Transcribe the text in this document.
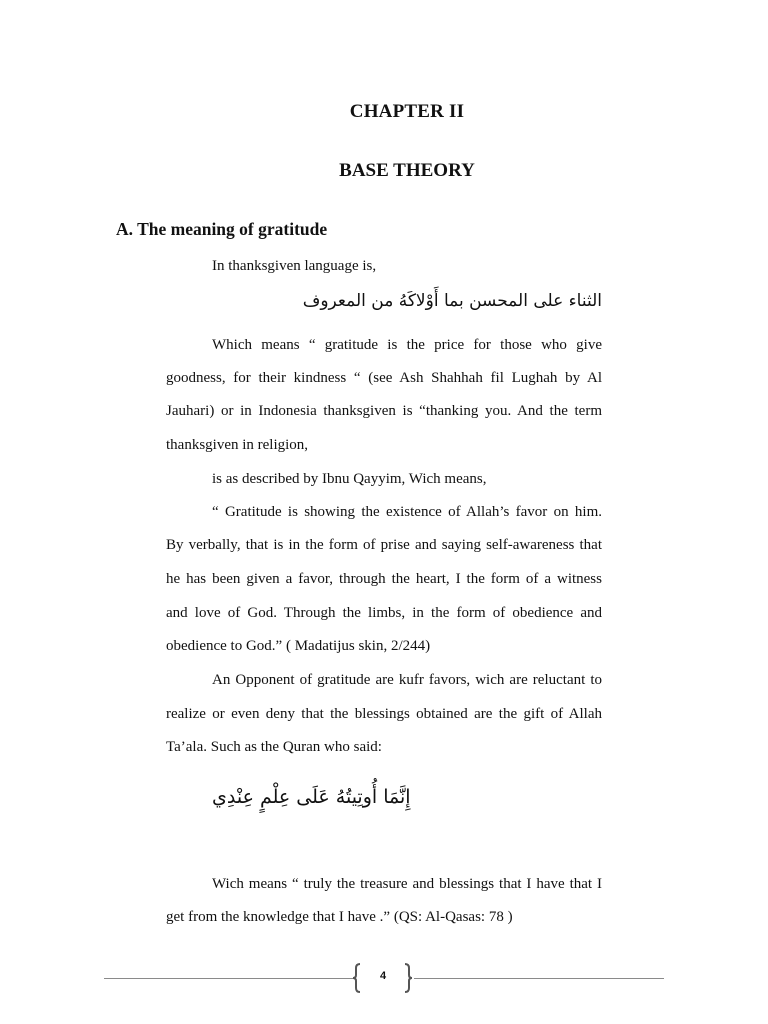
CHAPTER II
BASE THEORY
A. The meaning of gratitude
In thanksgiven language is,
الثناء على المحسن بما أَوْلاكَهُ من المعروف
Which means “ gratitude is the price for those who give
goodness, for their kindness “ (see Ash Shahhah fil Lughah by Al
Jauhari) or in Indonesia thanksgiven is “thanking you. And the term
thanksgiven in religion,
is as described by Ibnu Qayyim, Wich means,
“ Gratitude is showing the existence of Allah’s favor on him.
By verbally, that is in the form of prise and saying self-awareness that
he has been given a favor, through the heart, I the form of a witness
and love of God. Through the limbs, in the form of obedience and
obedience to God.” ( Madatijus skin, 2/244)
An Opponent of gratitude are kufr favors, wich are reluctant to
realize or even deny that the blessings obtained are the gift of Allah
Ta’ala. Such as the Quran who said:
إِنَّمَا أُوتِيتُهُ عَلَى عِلْمٍ عِنْدِي
Wich means “ truly the treasure and blessings that I have that I
get from the knowledge that I have .” (QS: Al-Qasas: 78 )
4
